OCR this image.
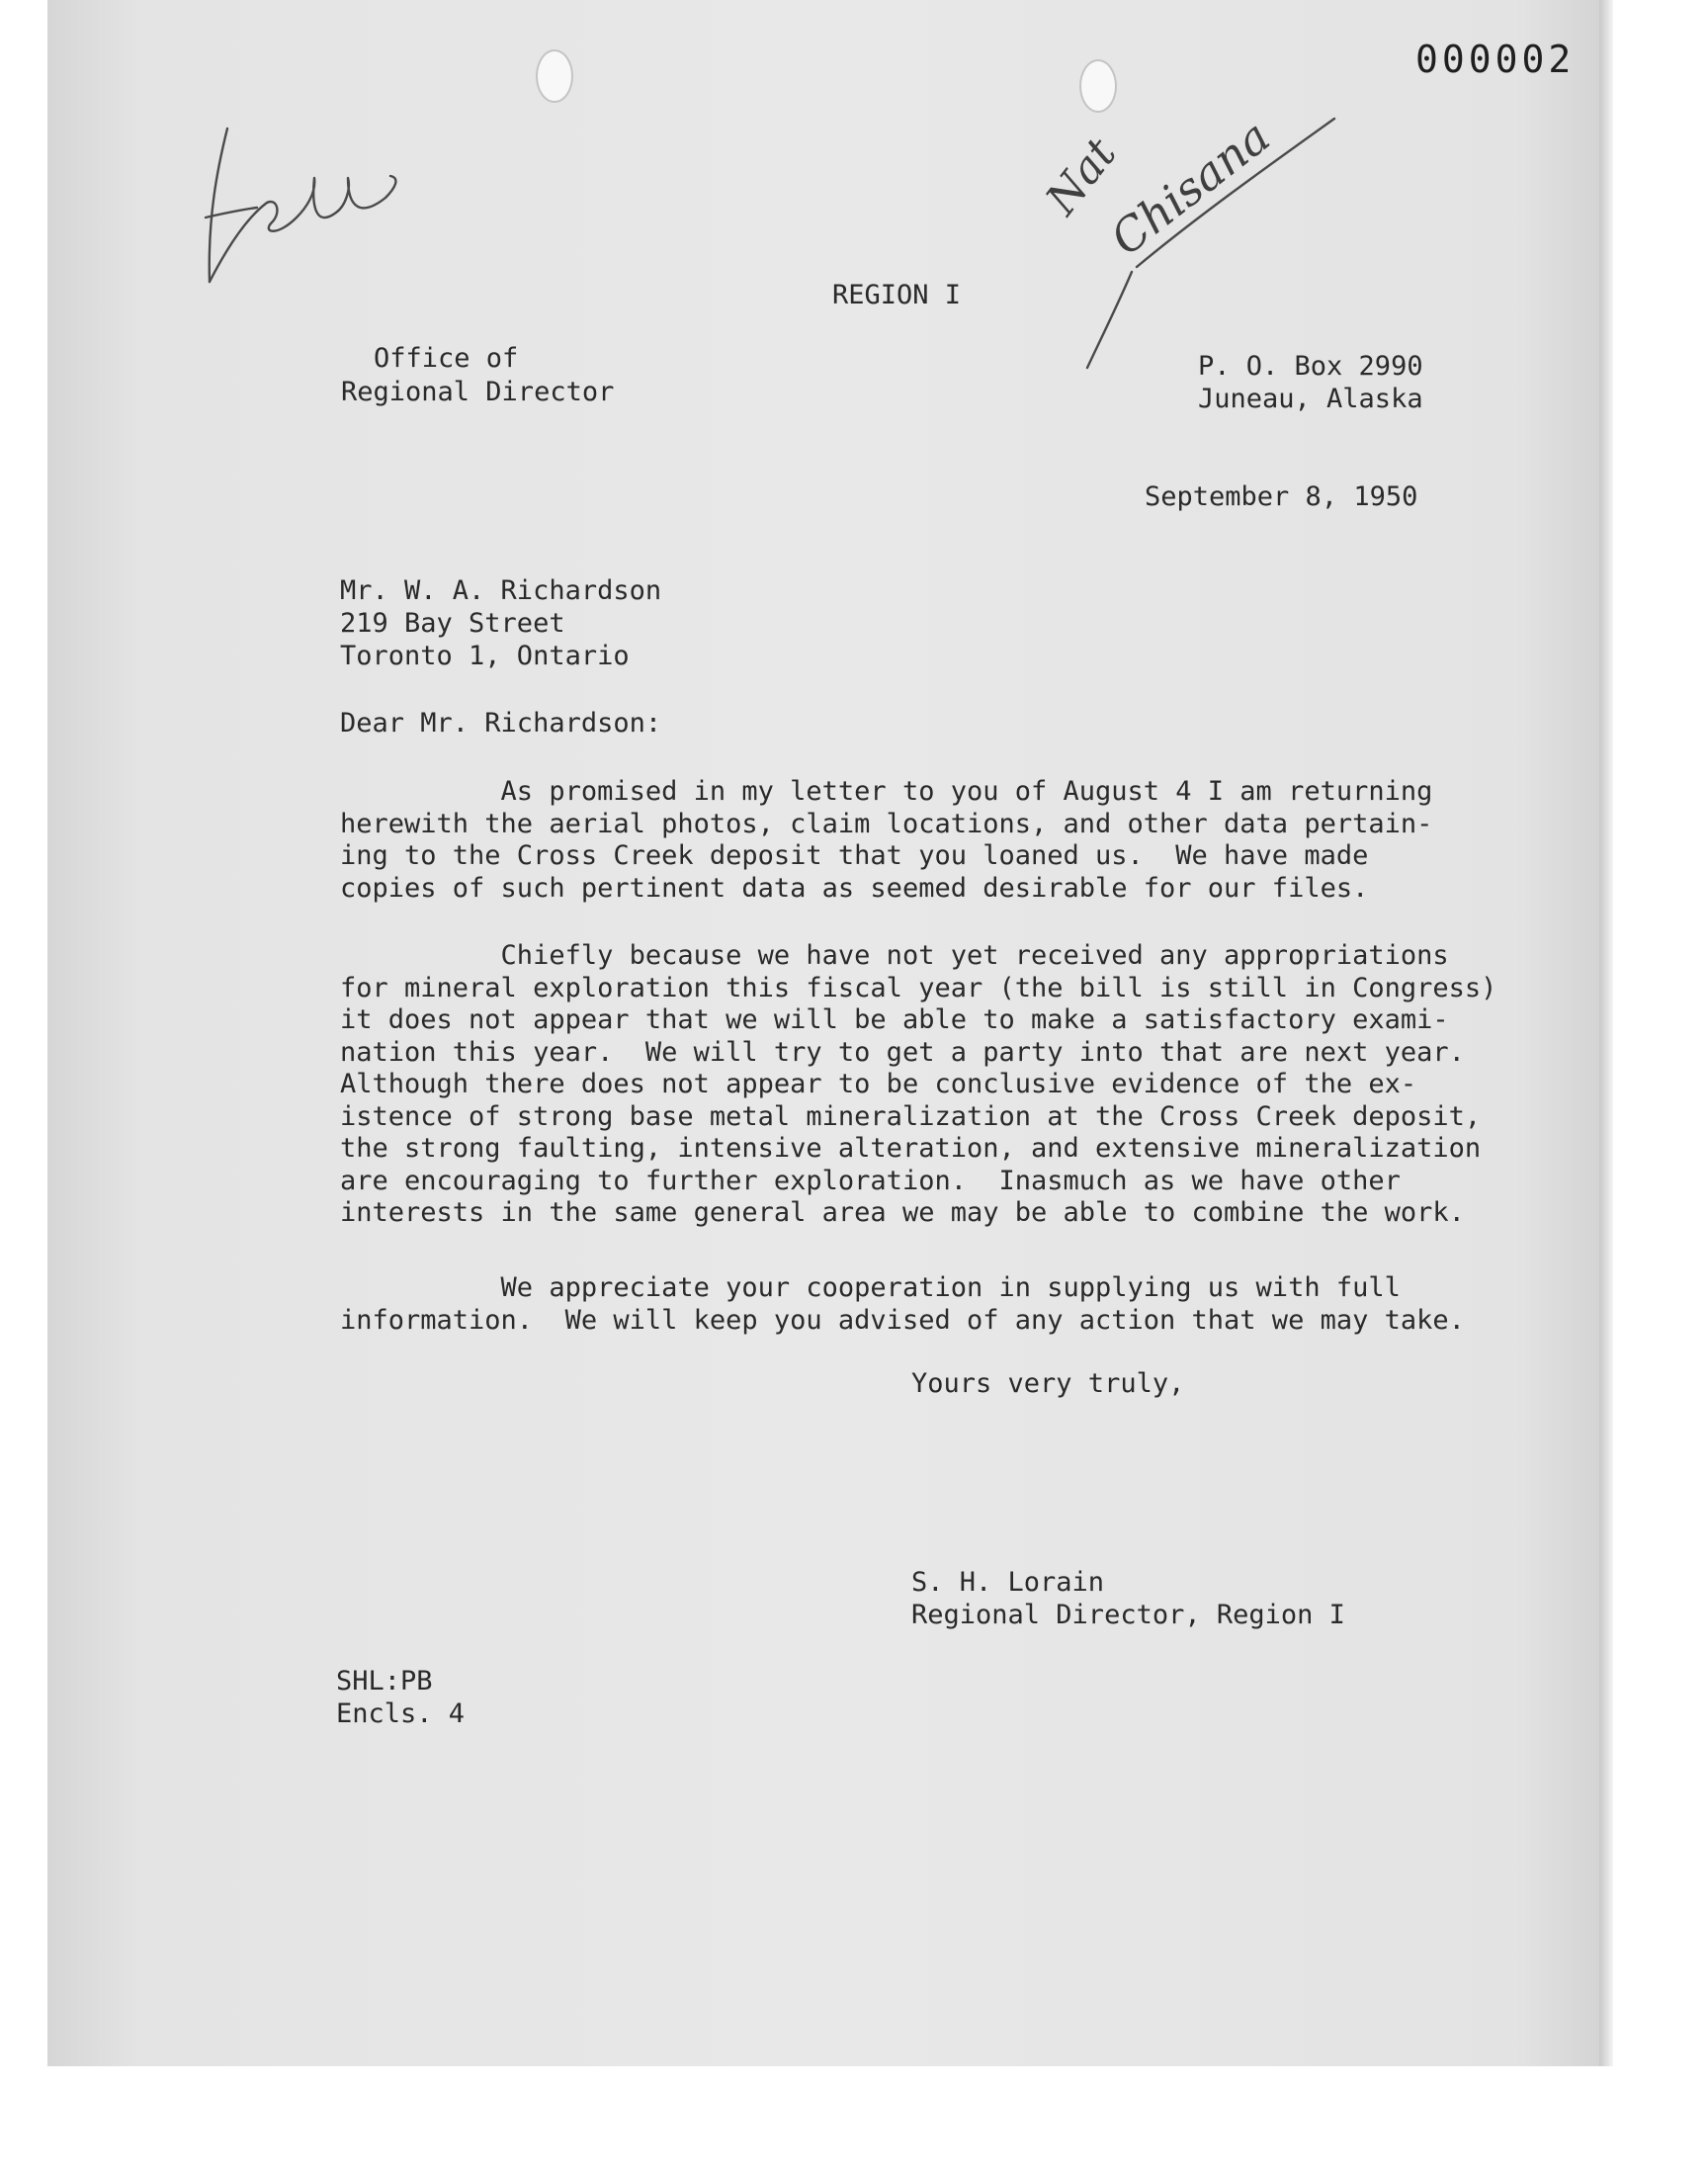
000002

file	Nat
Chisana

REGION I

Office of

Regional Director

P. O. Box 2990

Juneau, Alaska

September 8, 1950

Mr. W. A. Richardson

219 Bay Street

Toronto 1, Ontario

Dear Mr. Richardson:

As promised in my letter to you of August 4 I am returning
herewith the aerial photos, claim locations, and other data pertain-
ing to the Cross Creek deposit that you loaned us.  We have made
copies of such pertinent data as seemed desirable for our files.
Chiefly because we have not yet received any appropriations
for mineral exploration this fiscal year (the bill is still in Congress)
it does not appear that we will be able to make a satisfactory exami-
nation this year.  We will try to get a party into that are next year.
Although there does not appear to be conclusive evidence of the ex-
istence of strong base metal mineralization at the Cross Creek deposit,
the strong faulting, intensive alteration, and extensive mineralization
are encouraging to further exploration.  Inasmuch as we have other
interests in the same general area we may be able to combine the work.
We appreciate your cooperation in supplying us with full
information.  We will keep you advised of any action that we may take.

Yours very truly,

S. H. Lorain

Regional Director, Region I

SHL:PB

Encls. 4
